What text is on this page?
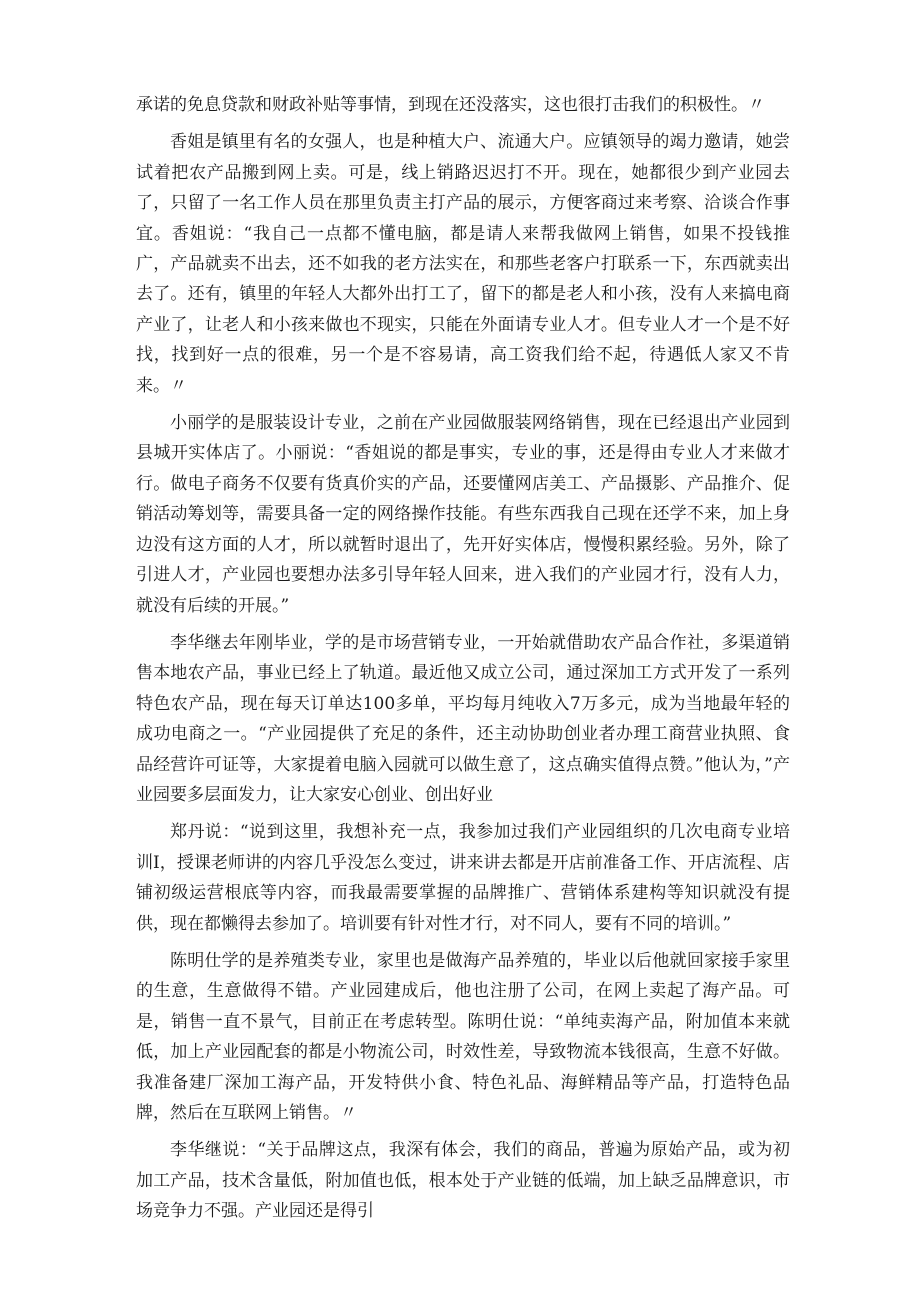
承诺的免息贷款和财政补贴等事情，到现在还没落实，这也很打击我们的积极性。〃

香姐是镇里有名的女强人，也是种植大户、流通大户。应镇领导的竭力邀请，她尝试着把农产品搬到网上卖。可是，线上销路迟迟打不开。现在，她都很少到产业园去了，只留了一名工作人员在那里负责主打产品的展示，方便客商过来考察、洽谈合作事宜。香姐说：“我自己一点都不懂电脑，都是请人来帮我做网上销售，如果不投钱推广，产品就卖不出去，还不如我的老方法实在，和那些老客户打联系一下，东西就卖出去了。还有，镇里的年轻人大都外出打工了，留下的都是老人和小孩，没有人来搞电商产业了，让老人和小孩来做也不现实，只能在外面请专业人才。但专业人才一个是不好找，找到好一点的很难，另一个是不容易请，高工资我们给不起，待遇低人家又不肯来。〃

小丽学的是服装设计专业，之前在产业园做服装网络销售，现在已经退出产业园到县城开实体店了。小丽说：“香姐说的都是事实，专业的事，还是得由专业人才来做才行。做电子商务不仅要有货真价实的产品，还要懂网店美工、产品摄影、产品推介、促销活动筹划等，需要具备一定的网络操作技能。有些东西我自己现在还学不来，加上身边没有这方面的人才，所以就暂时退出了，先开好实体店，慢慢积累经验。另外，除了引进人才，产业园也要想办法多引导年轻人回来，进入我们的产业园才行，没有人力，就没有后续的开展。”

李华继去年刚毕业，学的是市场营销专业，一开始就借助农产品合作社，多渠道销售本地农产品，事业已经上了轨道。最近他又成立公司，通过深加工方式开发了一系列特色农产品，现在每天订单达100多单，平均每月纯收入7万多元，成为当地最年轻的成功电商之一。“产业园提供了充足的条件，还主动协助创业者办理工商营业执照、食品经营许可证等，大家提着电脑入园就可以做生意了，这点确实值得点赞。”他认为，”产业园要多层面发力，让大家安心创业、创出好业

郑丹说：“说到这里，我想补充一点，我参加过我们产业园组织的几次电商专业培训I，授课老师讲的内容几乎没怎么变过，讲来讲去都是开店前准备工作、开店流程、店铺初级运营根底等内容，而我最需要掌握的品牌推广、营销体系建构等知识就没有提供，现在都懒得去参加了。培训要有针对性才行，对不同人，要有不同的培训。”

陈明仕学的是养殖类专业，家里也是做海产品养殖的，毕业以后他就回家接手家里的生意，生意做得不错。产业园建成后，他也注册了公司，在网上卖起了海产品。可是，销售一直不景气，目前正在考虑转型。陈明仕说：“单纯卖海产品，附加值本来就低，加上产业园配套的都是小物流公司，时效性差，导致物流本钱很高，生意不好做。我准备建厂深加工海产品，开发特供小食、特色礼品、海鲜精品等产品，打造特色品牌，然后在互联网上销售。〃

李华继说：“关于品牌这点，我深有体会，我们的商品，普遍为原始产品，或为初加工产品，技术含量低，附加值也低，根本处于产业链的低端，加上缺乏品牌意识，市场竞争力不强。产业园还是得引
